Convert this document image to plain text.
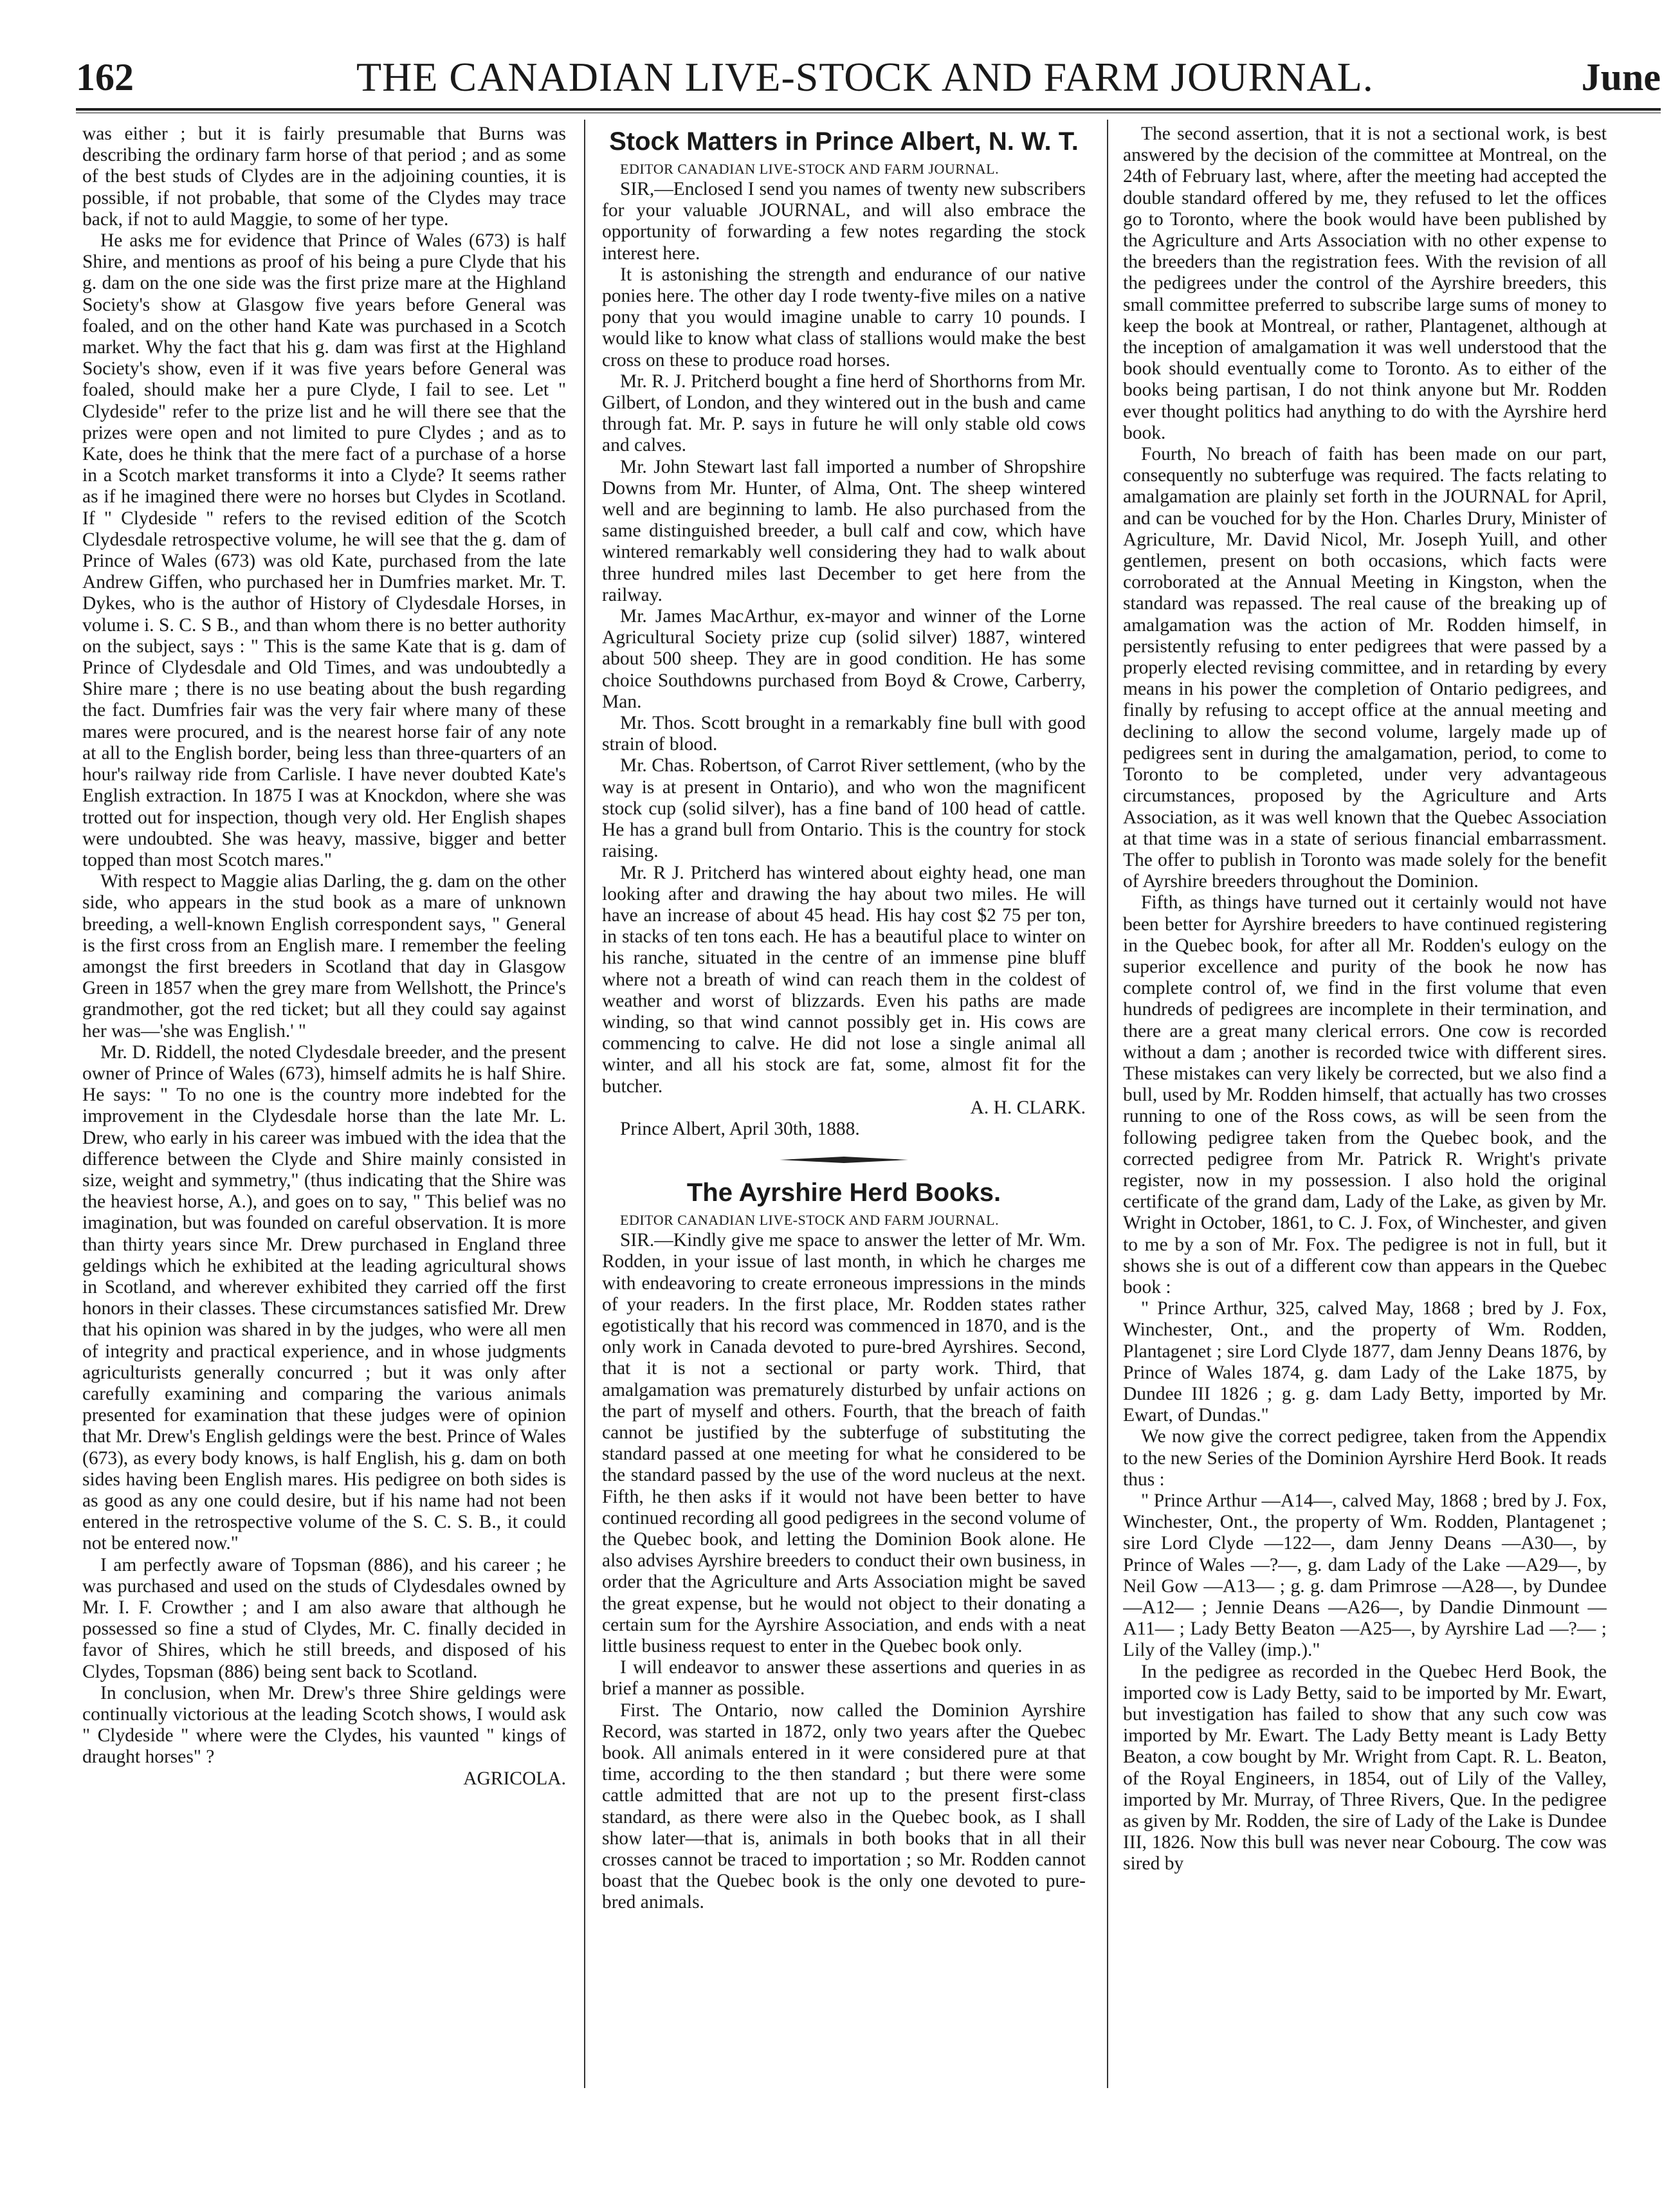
162	THE CANADIAN LIVE-STOCK AND FARM JOURNAL.	June

was either ; but it is fairly presumable that Burns was describing the ordinary farm horse of that period ; and as some of the best studs of Clydes are in the adjoining counties, it is possible, if not probable, that some of the Clydes may trace back, if not to auld Maggie, to some of her type.

He asks me for evidence that Prince of Wales (673) is half Shire, and mentions as proof of his being a pure Clyde that his g. dam on the one side was the first prize mare at the Highland Society's show at Glasgow five years before General was foaled, and on the other hand Kate was purchased in a Scotch market. Why the fact that his g. dam was first at the Highland Society's show, even if it was five years before General was foaled, should make her a pure Clyde, I fail to see. Let " Clydeside" refer to the prize list and he will there see that the prizes were open and not limited to pure Clydes ; and as to Kate, does he think that the mere fact of a purchase of a horse in a Scotch market transforms it into a Clyde? It seems rather as if he imagined there were no horses but Clydes in Scotland. If " Clydeside " refers to the revised edition of the Scotch Clydesdale retrospective volume, he will see that the g. dam of Prince of Wales (673) was old Kate, purchased from the late Andrew Giffen, who purchased her in Dumfries market. Mr. T. Dykes, who is the author of History of Clydesdale Horses, in volume i. S. C. S B., and than whom there is no better authority on the subject, says : " This is the same Kate that is g. dam of Prince of Clydesdale and Old Times, and was undoubtedly a Shire mare ; there is no use beating about the bush regarding the fact. Dumfries fair was the very fair where many of these mares were procured, and is the nearest horse fair of any note at all to the English border, being less than three-quarters of an hour's railway ride from Carlisle. I have never doubted Kate's English extraction. In 1875 I was at Knockdon, where she was trotted out for inspection, though very old. Her English shapes were undoubted. She was heavy, massive, bigger and better topped than most Scotch mares."

With respect to Maggie alias Darling, the g. dam on the other side, who appears in the stud book as a mare of unknown breeding, a well-known English correspondent says, " General is the first cross from an English mare. I remember the feeling amongst the first breeders in Scotland that day in Glasgow Green in 1857 when the grey mare from Wellshott, the Prince's grandmother, got the red ticket; but all they could say against her was—'she was English.' "

Mr. D. Riddell, the noted Clydesdale breeder, and the present owner of Prince of Wales (673), himself admits he is half Shire. He says: " To no one is the country more indebted for the improvement in the Clydesdale horse than the late Mr. L. Drew, who early in his career was imbued with the idea that the difference between the Clyde and Shire mainly consisted in size, weight and symmetry," (thus indicating that the Shire was the heaviest horse, A.), and goes on to say, " This belief was no imagination, but was founded on careful observation. It is more than thirty years since Mr. Drew purchased in England three geldings which he exhibited at the leading agricultural shows in Scotland, and wherever exhibited they carried off the first honors in their classes. These circumstances satisfied Mr. Drew that his opinion was shared in by the judges, who were all men of integrity and practical experience, and in whose judgments agriculturists generally concurred ; but it was only after carefully examining and comparing the various animals presented for examination that these judges were of opinion that Mr. Drew's English geldings were the best. Prince of Wales (673), as every body knows, is half English, his g. dam on both sides having been English mares. His pedigree on both sides is as good as any one could desire, but if his name had not been entered in the retrospective volume of the S. C. S. B., it could not be entered now."

I am perfectly aware of Topsman (886), and his career ; he was purchased and used on the studs of Clydesdales owned by Mr. I. F. Crowther ; and I am also aware that although he possessed so fine a stud of Clydes, Mr. C. finally decided in favor of Shires, which he still breeds, and disposed of his Clydes, Topsman (886) being sent back to Scotland.

In conclusion, when Mr. Drew's three Shire geldings were continually victorious at the leading Scotch shows, I would ask " Clydeside " where were the Clydes, his vaunted " kings of draught horses" ?

AGRICOLA.

Stock Matters in Prince Albert, N. W. T.

EDITOR CANADIAN LIVE-STOCK AND FARM JOURNAL.

SIR,—Enclosed I send you names of twenty new subscribers for your valuable JOURNAL, and will also embrace the opportunity of forwarding a few notes regarding the stock interest here.

It is astonishing the strength and endurance of our native ponies here. The other day I rode twenty-five miles on a native pony that you would imagine unable to carry 10 pounds. I would like to know what class of stallions would make the best cross on these to produce road horses.

Mr. R. J. Pritcherd bought a fine herd of Shorthorns from Mr. Gilbert, of London, and they wintered out in the bush and came through fat. Mr. P. says in future he will only stable old cows and calves.

Mr. John Stewart last fall imported a number of Shropshire Downs from Mr. Hunter, of Alma, Ont. The sheep wintered well and are beginning to lamb. He also purchased from the same distinguished breeder, a bull calf and cow, which have wintered remarkably well considering they had to walk about three hundred miles last December to get here from the railway.

Mr. James MacArthur, ex-mayor and winner of the Lorne Agricultural Society prize cup (solid silver) 1887, wintered about 500 sheep. They are in good condition. He has some choice Southdowns purchased from Boyd & Crowe, Carberry, Man.

Mr. Thos. Scott brought in a remarkably fine bull with good strain of blood.

Mr. Chas. Robertson, of Carrot River settlement, (who by the way is at present in Ontario), and who won the magnificent stock cup (solid silver), has a fine band of 100 head of cattle. He has a grand bull from Ontario. This is the country for stock raising.

Mr. R J. Pritcherd has wintered about eighty head, one man looking after and drawing the hay about two miles. He will have an increase of about 45 head. His hay cost $2 75 per ton, in stacks of ten tons each. He has a beautiful place to winter on his ranche, situated in the centre of an immense pine bluff where not a breath of wind can reach them in the coldest of weather and worst of blizzards. Even his paths are made winding, so that wind cannot possibly get in. His cows are commencing to calve. He did not lose a single animal all winter, and all his stock are fat, some, almost fit for the butcher.

A. H. CLARK.

Prince Albert, April 30th, 1888.

The Ayrshire Herd Books.

EDITOR CANADIAN LIVE-STOCK AND FARM JOURNAL.

SIR.—Kindly give me space to answer the letter of Mr. Wm. Rodden, in your issue of last month, in which he charges me with endeavoring to create erroneous impressions in the minds of your readers. In the first place, Mr. Rodden states rather egotistically that his record was commenced in 1870, and is the only work in Canada devoted to pure-bred Ayrshires. Second, that it is not a sectional or party work. Third, that amalgamation was prematurely disturbed by unfair actions on the part of myself and others. Fourth, that the breach of faith cannot be justified by the subterfuge of substituting the standard passed at one meeting for what he considered to be the standard passed by the use of the word nucleus at the next. Fifth, he then asks if it would not have been better to have continued recording all good pedigrees in the second volume of the Quebec book, and letting the Dominion Book alone. He also advises Ayrshire breeders to conduct their own business, in order that the Agriculture and Arts Association might be saved the great expense, but he would not object to their donating a certain sum for the Ayrshire Association, and ends with a neat little business request to enter in the Quebec book only.

I will endeavor to answer these assertions and queries in as brief a manner as possible.

First. The Ontario, now called the Dominion Ayrshire Record, was started in 1872, only two years after the Quebec book. All animals entered in it were considered pure at that time, according to the then standard ; but there were some cattle admitted that are not up to the present first-class standard, as there were also in the Quebec book, as I shall show later—that is, animals in both books that in all their crosses cannot be traced to importation ; so Mr. Rodden cannot boast that the Quebec book is the only one devoted to pure-bred animals.

The second assertion, that it is not a sectional work, is best answered by the decision of the committee at Montreal, on the 24th of February last, where, after the meeting had accepted the double standard offered by me, they refused to let the offices go to Toronto, where the book would have been published by the Agriculture and Arts Association with no other expense to the breeders than the registration fees. With the revision of all the pedigrees under the control of the Ayrshire breeders, this small committee preferred to subscribe large sums of money to keep the book at Montreal, or rather, Plantagenet, although at the inception of amalgamation it was well understood that the book should eventually come to Toronto. As to either of the books being partisan, I do not think anyone but Mr. Rodden ever thought politics had anything to do with the Ayrshire herd book.

Fourth, No breach of faith has been made on our part, consequently no subterfuge was required. The facts relating to amalgamation are plainly set forth in the JOURNAL for April, and can be vouched for by the Hon. Charles Drury, Minister of Agriculture, Mr. David Nicol, Mr. Joseph Yuill, and other gentlemen, present on both occasions, which facts were corroborated at the Annual Meeting in Kingston, when the standard was repassed. The real cause of the breaking up of amalgamation was the action of Mr. Rodden himself, in persistently refusing to enter pedigrees that were passed by a properly elected revising committee, and in retarding by every means in his power the completion of Ontario pedigrees, and finally by refusing to accept office at the annual meeting and declining to allow the second volume, largely made up of pedigrees sent in during the amalgamation, period, to come to Toronto to be completed, under very advantageous circumstances, proposed by the Agriculture and Arts Association, as it was well known that the Quebec Association at that time was in a state of serious financial embarrassment. The offer to publish in Toronto was made solely for the benefit of Ayrshire breeders throughout the Dominion.

Fifth, as things have turned out it certainly would not have been better for Ayrshire breeders to have continued registering in the Quebec book, for after all Mr. Rodden's eulogy on the superior excellence and purity of the book he now has complete control of, we find in the first volume that even hundreds of pedigrees are incomplete in their termination, and there are a great many clerical errors. One cow is recorded without a dam ; another is recorded twice with different sires. These mistakes can very likely be corrected, but we also find a bull, used by Mr. Rodden himself, that actually has two crosses running to one of the Ross cows, as will be seen from the following pedigree taken from the Quebec book, and the corrected pedigree from Mr. Patrick R. Wright's private register, now in my possession. I also hold the original certificate of the grand dam, Lady of the Lake, as given by Mr. Wright in October, 1861, to C. J. Fox, of Winchester, and given to me by a son of Mr. Fox. The pedigree is not in full, but it shows she is out of a different cow than appears in the Quebec book :

" Prince Arthur, 325, calved May, 1868 ; bred by J. Fox, Winchester, Ont., and the property of Wm. Rodden, Plantagenet ; sire Lord Clyde 1877, dam Jenny Deans 1876, by Prince of Wales 1874, g. dam Lady of the Lake 1875, by Dundee III 1826 ; g. g. dam Lady Betty, imported by Mr. Ewart, of Dundas."

We now give the correct pedigree, taken from the Appendix to the new Series of the Dominion Ayrshire Herd Book. It reads thus :

" Prince Arthur —A14—, calved May, 1868 ; bred by J. Fox, Winchester, Ont., the property of Wm. Rodden, Plantagenet ; sire Lord Clyde —122—, dam Jenny Deans —A30—, by Prince of Wales —?—, g. dam Lady of the Lake —A29—, by Neil Gow —A13— ; g. g. dam Primrose —A28—, by Dundee —A12— ; Jennie Deans —A26—, by Dandie Dinmount —A11— ; Lady Betty Beaton —A25—, by Ayrshire Lad —?— ; Lily of the Valley (imp.)."

In the pedigree as recorded in the Quebec Herd Book, the imported cow is Lady Betty, said to be imported by Mr. Ewart, but investigation has failed to show that any such cow was imported by Mr. Ewart. The Lady Betty meant is Lady Betty Beaton, a cow bought by Mr. Wright from Capt. R. L. Beaton, of the Royal Engineers, in 1854, out of Lily of the Valley, imported by Mr. Murray, of Three Rivers, Que. In the pedigree as given by Mr. Rodden, the sire of Lady of the Lake is Dundee III, 1826. Now this bull was never near Cobourg. The cow was sired by
